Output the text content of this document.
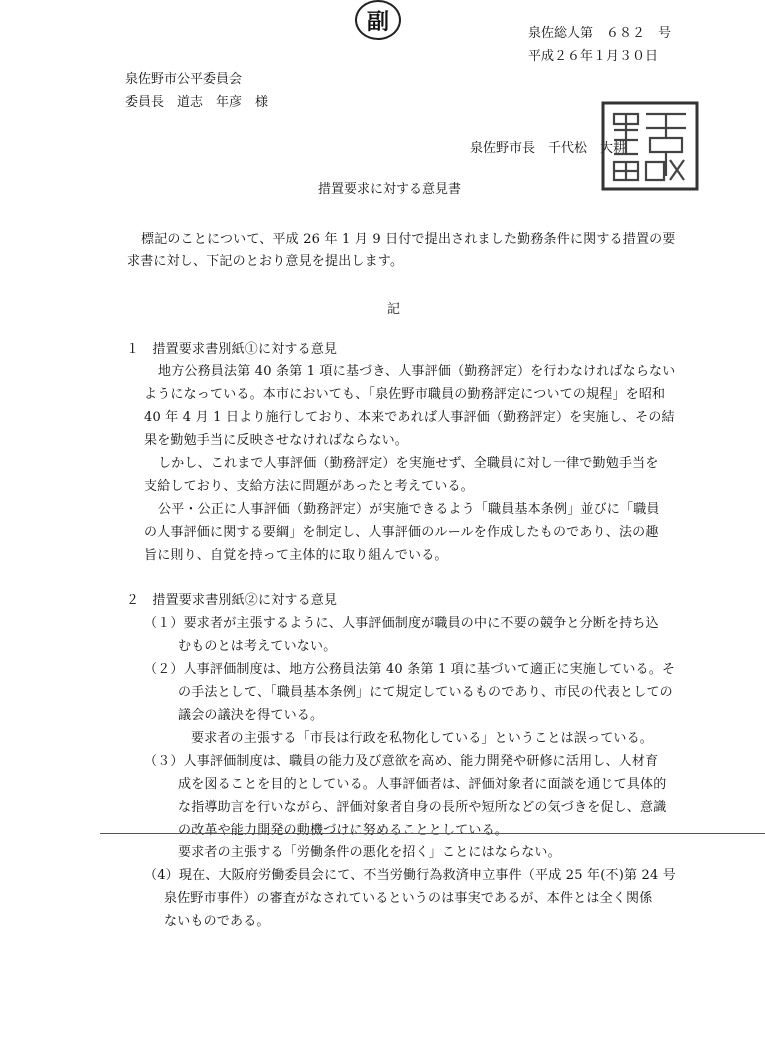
副	泉佐総人第　６８２　号
平成２６年１月３０日
泉佐野市公平委員会
委員長　道志　年彦　様
泉佐野市長　千代松　大耕
措置要求に対する意見書
標記のことについて、平成 26 年 1 月 9 日付で提出されました勤務条件に関する措置の要
求書に対し、下記のとおり意見を提出します。
記
１　措置要求書別紙①に対する意見
地方公務員法第 40 条第 1 項に基づき、人事評価（勤務評定）を行わなければならない
ようになっている。本市においても、「泉佐野市職員の勤務評定についての規程」を昭和
40 年 4 月 1 日より施行しており、本来であれば人事評価（勤務評定）を実施し、その結
果を勤勉手当に反映させなければならない。
しかし、これまで人事評価（勤務評定）を実施せず、全職員に対し一律で勤勉手当を
支給しており、支給方法に問題があったと考えている。
公平・公正に人事評価（勤務評定）が実施できるよう「職員基本条例」並びに「職員
の人事評価に関する要綱」を制定し、人事評価のルールを作成したものであり、法の趣
旨に則り、自覚を持って主体的に取り組んでいる。
２　措置要求書別紙②に対する意見
（１）要求者が主張するように、人事評価制度が職員の中に不要の競争と分断を持ち込
むものとは考えていない。
（２）人事評価制度は、地方公務員法第 40 条第 1 項に基づいて適正に実施している。そ
の手法として、「職員基本条例」にて規定しているものであり、市民の代表としての
議会の議決を得ている。
要求者の主張する「市長は行政を私物化している」ということは誤っている。
（３）人事評価制度は、職員の能力及び意欲を高め、能力開発や研修に活用し、人材育
成を図ることを目的としている。人事評価者は、評価対象者に面談を通じて具体的
な指導助言を行いながら、評価対象者自身の長所や短所などの気づきを促し、意識
の改革や能力開発の動機づけに努めることとしている。
要求者の主張する「労働条件の悪化を招く」ことにはならない。
（4）現在、大阪府労働委員会にて、不当労働行為救済申立事件（平成 25 年(不)第 24 号
泉佐野市事件）の審査がなされているというのは事実であるが、本件とは全く関係
ないものである。
